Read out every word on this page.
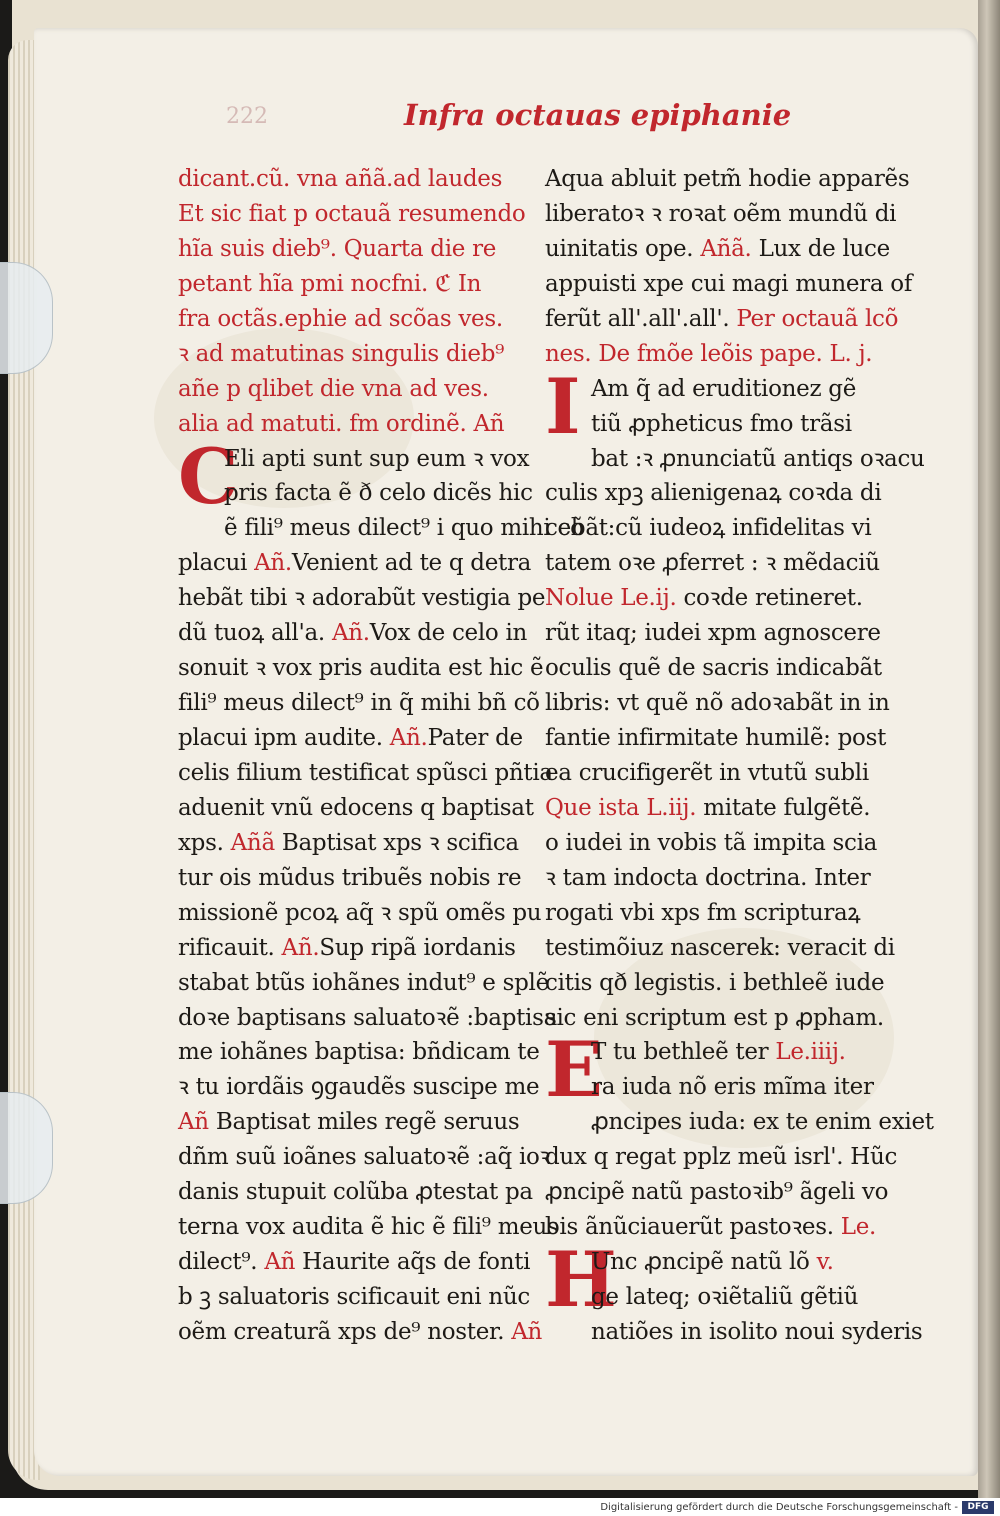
222	Infra octauas epiphanie
dicant.cũ. vna añã.ad laudes
Et sic fiat p octauã resumendo
hĩa suis dieb⁹. Quarta die re
petant hĩa pmi nocfni. ℭ In
fra octãs.ephie ad scõas ves.
ꝛ ad matutinas singulis dieb⁹
añe p qlibet die vna ad ves.
alia ad matuti. fm ordinẽ. Añ
C
Eli apti sunt sup eum ꝛ vox
pris facta ẽ ð celo dicẽs hic
ẽ fili⁹ meus dilect⁹ i quo mihi cõ
placui Añ.Venient ad te q detra
hebãt tibi ꝛ adorabũt vestigia pe
dũ tuoꝝ all'a. Añ.Vox de celo in
sonuit ꝛ vox pris audita est hic ẽ
fili⁹ meus dilect⁹ in q̃ mihi bñ cõ
placui ipm audite. Añ.Pater de
celis filium testificat spũsci pñtia
aduenit vnũ edocens q baptisat
xps. Añã Baptisat xps ꝛ scifica
tur ois mũdus tribuẽs nobis re
missionẽ pcoꝝ aq̃ ꝛ spũ omẽs pu
rificauit. Añ.Sup ripã iordanis
stabat btũs iohãnes indut⁹ e splẽ
doꝛe baptisans saluatoꝛẽ :baptisa
me iohãnes baptisa: bñdicam te
ꝛ tu iordãis ꝯgaudẽs suscipe me
Añ Baptisat miles regẽ seruus
dñm suũ ioãnes saluatoꝛẽ :aq̃ ioꝛ
danis stupuit colũba ꝓtestat pa
terna vox audita ẽ hic ẽ fili⁹ meus
dilect⁹. Añ Haurite aq̃s de fonti
b ꝫ saluatoris scificauit eni nũc
oẽm creaturã xps de⁹ noster. Añ
Aqua abluit petm̃ hodie apparẽs
liberatoꝛ ꝛ roꝛat oẽm mundũ di
uinitatis ope. Añã. Lux de luce
appuisti xpe cui magi munera of
ferũt all'.all'.all'. Per octauã lcõ
nes. De fmõe leõis pape. L. j.
I Am q̃ ad eruditionez gẽ
tiũ ꝓpheticus fmo trãsi
bat :ꝛ ꝓnunciatũ antiqs oꝛacu
culis xpꝫ alienigenaꝝ coꝛda di
cebãt:cũ iudeoꝝ infidelitas vi
tatem oꝛe ꝓferret : ꝛ mẽdaciũ
Nolue Le.ij. coꝛde retineret.
rũt itaq; iudei xpm agnoscere
oculis quẽ de sacris indicabãt
libris: vt quẽ nõ adoꝛabãt in in
fantie infirmitate humilẽ: post
ea crucifigerẽt in vtutũ subli
Que ista L.iij. mitate fulgẽtẽ.
o iudei in vobis tã impita scia
ꝛ tam indocta doctrina. Inter
rogati vbi xps fm scripturaꝝ
testimõiuz nascerek: veracit di
citis qð legistis. i bethleẽ iude
sic eni scriptum est p ꝓpham.
E
T tu bethleẽ ter Le.iiij.
ra iuda nõ eris mĩma iter
ꝓncipes iuda: ex te enim exiet
dux q regat pplz meũ isrl'. Hũc
ꝓncipẽ natũ pastoꝛib⁹ ãgeli vo
bis ãnũciauerũt pastoꝛes. Le.
H
Unc ꝓncipẽ natũ lõ v.
ge lateq; oꝛiẽtaliũ gẽtiũ
natiões in isolito noui syderis
Digitalisierung gefördert durch die Deutsche Forschungsgemeinschaft -	DFG
